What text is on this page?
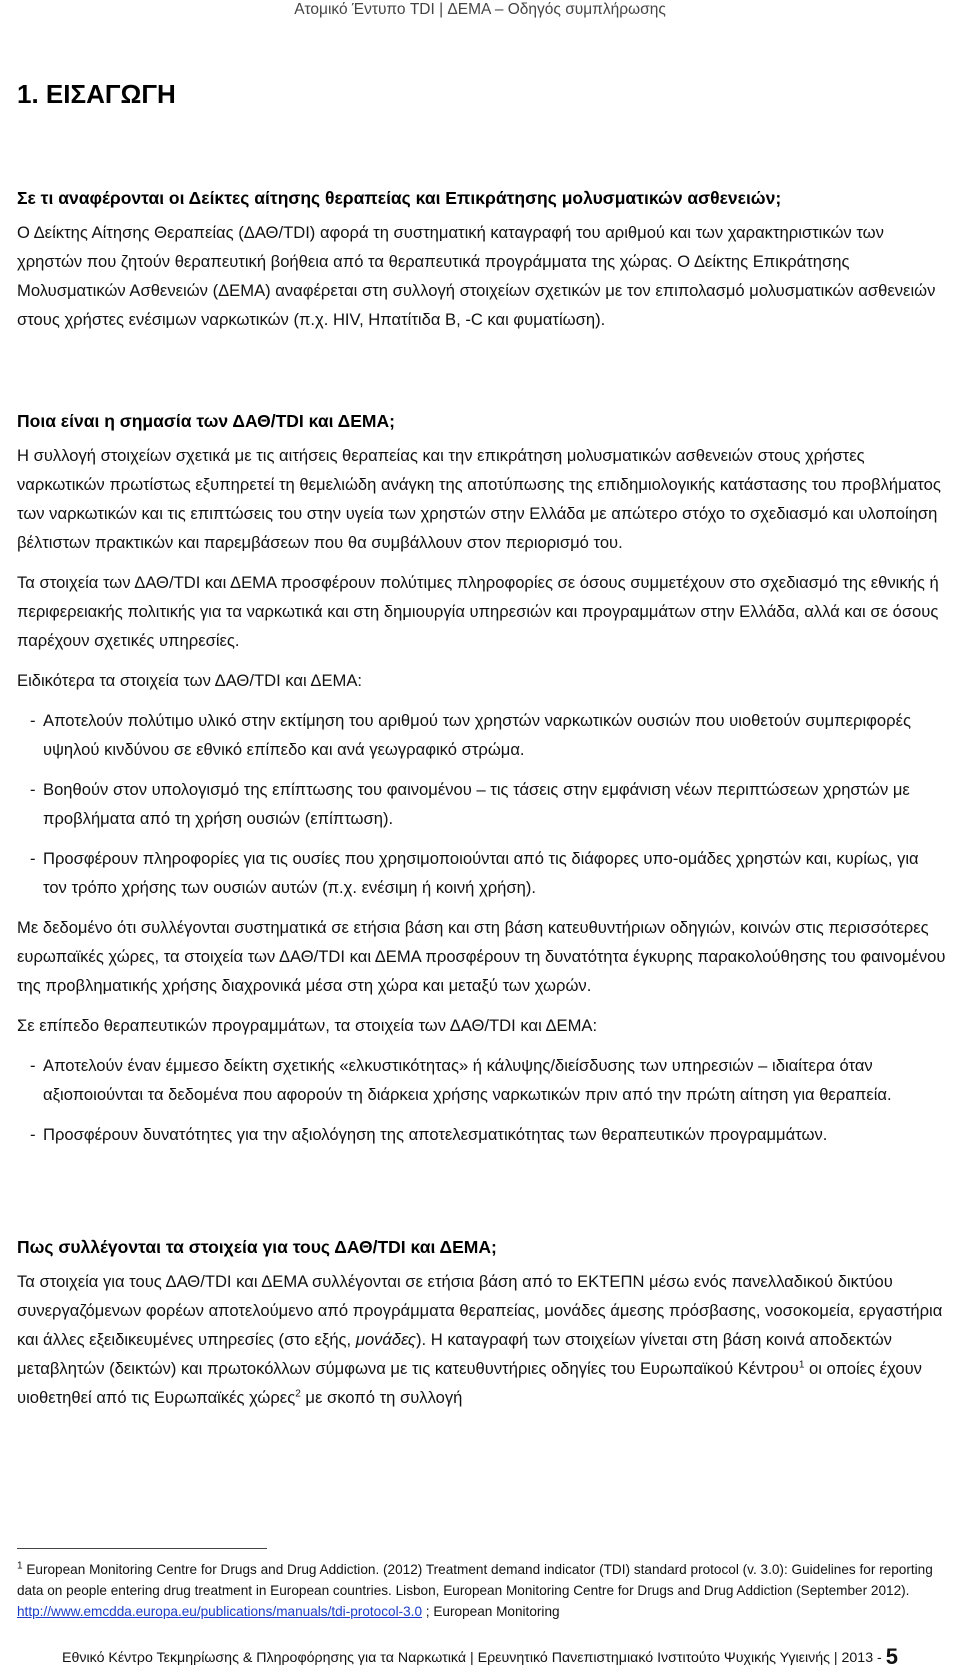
Ατομικό Έντυπο TDI | ΔΕΜΑ – Οδηγός συμπλήρωσης
1. ΕΙΣΑΓΩΓΗ
Σε τι αναφέρονται οι Δείκτες αίτησης θεραπείας και Επικράτησης μολυσματικών ασθενειών;

Ο Δείκτης Αίτησης Θεραπείας (ΔΑΘ/TDI) αφορά τη συστηματική καταγραφή του αριθμού και των χαρακτηριστικών των χρηστών που ζητούν θεραπευτική βοήθεια από τα θεραπευτικά προγράμματα της χώρας. Ο Δείκτης Επικράτησης Μολυσματικών Ασθενειών (ΔΕΜΑ) αναφέρεται στη συλλογή στοιχείων σχετικών με τον επιπολασμό μολυσματικών ασθενειών στους χρήστες ενέσιμων ναρκωτικών (π.χ. HIV, Ηπατίτιδα Β, -C και φυματίωση).

Ποια είναι η σημασία των ΔΑΘ/TDI και ΔΕΜΑ;

Η συλλογή στοιχείων σχετικά με τις αιτήσεις θεραπείας και την επικράτηση μολυσματικών ασθενειών στους χρήστες ναρκωτικών πρωτίστως εξυπηρετεί τη θεμελιώδη ανάγκη της αποτύπωσης της επιδημιολογικής κατάστασης του προβλήματος των ναρκωτικών και τις επιπτώσεις του στην υγεία των χρηστών στην Ελλάδα με απώτερο στόχο το σχεδιασμό και υλοποίηση βέλτιστων πρακτικών και παρεμβάσεων που θα συμβάλλουν στον περιορισμό του.

Τα στοιχεία των ΔΑΘ/TDI και ΔΕΜΑ προσφέρουν πολύτιμες πληροφορίες σε όσους συμμετέχουν στο σχεδιασμό της εθνικής ή περιφερειακής πολιτικής για τα ναρκωτικά και στη δημιουργία υπηρεσιών και προγραμμάτων στην Ελλάδα, αλλά και σε όσους παρέχουν σχετικές υπηρεσίες.

Ειδικότερα τα στοιχεία των ΔΑΘ/TDI και ΔΕΜΑ:

- Αποτελούν πολύτιμο υλικό στην εκτίμηση του αριθμού των χρηστών ναρκωτικών ουσιών που υιοθετούν συμπεριφορές υψηλού κινδύνου σε εθνικό επίπεδο και ανά γεωγραφικό στρώμα.
- Βοηθούν στον υπολογισμό της επίπτωσης του φαινομένου – τις τάσεις στην εμφάνιση νέων περιπτώσεων χρηστών με προβλήματα από τη χρήση ουσιών (επίπτωση).
- Προσφέρουν πληροφορίες για τις ουσίες που χρησιμοποιούνται από τις διάφορες υπο-ομάδες χρηστών και, κυρίως, για τον τρόπο χρήσης των ουσιών αυτών (π.χ. ενέσιμη ή κοινή χρήση).

Με δεδομένο ότι συλλέγονται συστηματικά σε ετήσια βάση και στη βάση κατευθυντήριων οδηγιών, κοινών στις περισσότερες ευρωπαϊκές χώρες, τα στοιχεία των ΔΑΘ/TDI και ΔΕΜΑ προσφέρουν τη δυνατότητα έγκυρης παρακολούθησης του φαινομένου της προβληματικής χρήσης διαχρονικά μέσα στη χώρα και μεταξύ των χωρών.

Σε επίπεδο θεραπευτικών προγραμμάτων, τα στοιχεία των ΔΑΘ/TDI και ΔΕΜΑ:

- Αποτελούν έναν έμμεσο δείκτη σχετικής «ελκυστικότητας» ή κάλυψης/διείσδυσης των υπηρεσιών – ιδιαίτερα όταν αξιοποιούνται τα δεδομένα που αφορούν τη διάρκεια χρήσης ναρκωτικών πριν από την πρώτη αίτηση για θεραπεία.
- Προσφέρουν δυνατότητες για την αξιολόγηση της αποτελεσματικότητας των θεραπευτικών προγραμμάτων.
Πως συλλέγονται τα στοιχεία για τους ΔΑΘ/TDI και ΔΕΜΑ;

Τα στοιχεία για τους ΔΑΘ/TDI και ΔΕΜΑ συλλέγονται σε ετήσια βάση από το ΕΚΤΕΠΝ μέσω ενός πανελλαδικού δικτύου συνεργαζόμενων φορέων αποτελούμενο από προγράμματα θεραπείας, μονάδες άμεσης πρόσβασης, νοσοκομεία, εργαστήρια και άλλες εξειδικευμένες υπηρεσίες (στο εξής, μονάδες). Η καταγραφή των στοιχείων γίνεται στη βάση κοινά αποδεκτών μεταβλητών (δεικτών) και πρωτοκόλλων σύμφωνα με τις κατευθυντήριες οδηγίες του Ευρωπαϊκού Κέντρου$^1$ οι οποίες έχουν υιοθετηθεί από τις Ευρωπαϊκές χώρες$^2$ με σκοπό τη συλλογή

$^1$ European Monitoring Centre for Drugs and Drug Addiction. (2012) Treatment demand indicator (TDI) standard protocol (v. 3.0): Guidelines for reporting data on people entering drug treatment in European countries. Lisbon, European Monitoring Centre for Drugs and Drug Addiction (September 2012). http://www.emcdda.europa.eu/publications/manuals/tdi-protocol-3.0 ; European Monitoring
Εθνικό Κέντρο Τεκμηρίωσης & Πληροφόρησης για τα Ναρκωτικά | Ερευνητικό Πανεπιστημιακό Ινστιτούτο Ψυχικής Υγιεινής | 2013 - 5
